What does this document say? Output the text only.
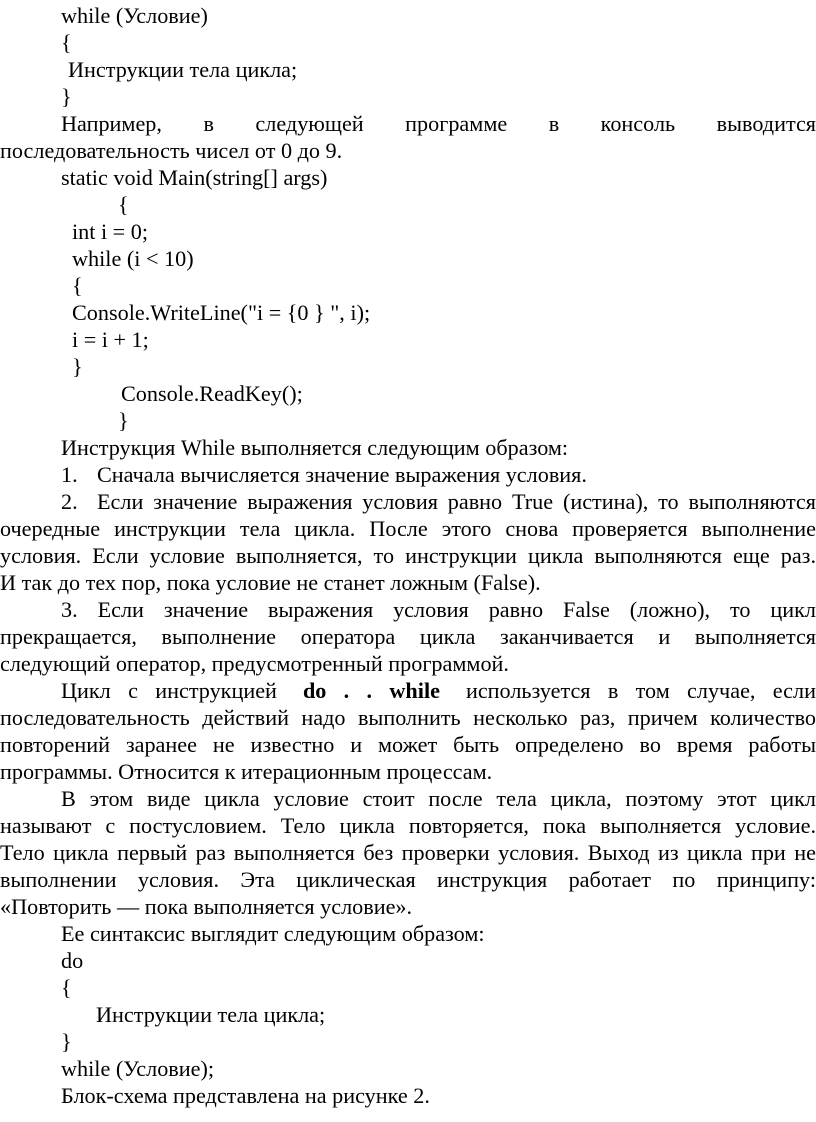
while (Условие)
{
Инструкции тела цикла;
}
Например, в следующей программе в консоль выводится
последовательность чисел от 0 до 9.
static void Main(string[] args)
{
int i = 0;
while (i < 10)
{
Console.WriteLine("i = {0 } ", i);
i = i + 1;
}
Console.ReadKey();
}
Инструкция While выполняется следующим образом:
1. Сначала вычисляется значение выражения условия.
2. Если значение выражения условия равно True (истина), то выполняются
очередные инструкции тела цикла. После этого снова проверяется выполнение
условия. Если условие выполняется, то инструкции цикла выполняются еще раз.
И так до тех пор, пока условие не станет ложным (False).
3. Если значение выражения условия равно False (ложно), то цикл
прекращается, выполнение оператора цикла заканчивается и выполняется
следующий оператор, предусмотренный программой.
Цикл с инструкцией do . . while используется в том случае, если
последовательность действий надо выполнить несколько раз, причем количество
повторений заранее не известно и может быть определено во время работы
программы. Относится к итерационным процессам.
В этом виде цикла условие стоит после тела цикла, поэтому этот цикл
называют с постусловием. Тело цикла повторяется, пока выполняется условие.
Тело цикла первый раз выполняется без проверки условия. Выход из цикла при не
выполнении условия. Эта циклическая инструкция работает по принципу:
«Повторить — пока выполняется условие».
Ее синтаксис выглядит следующим образом:
do
{
Инструкции тела цикла;
}
while (Условие);
Блок-схема представлена на рисунке 2.
